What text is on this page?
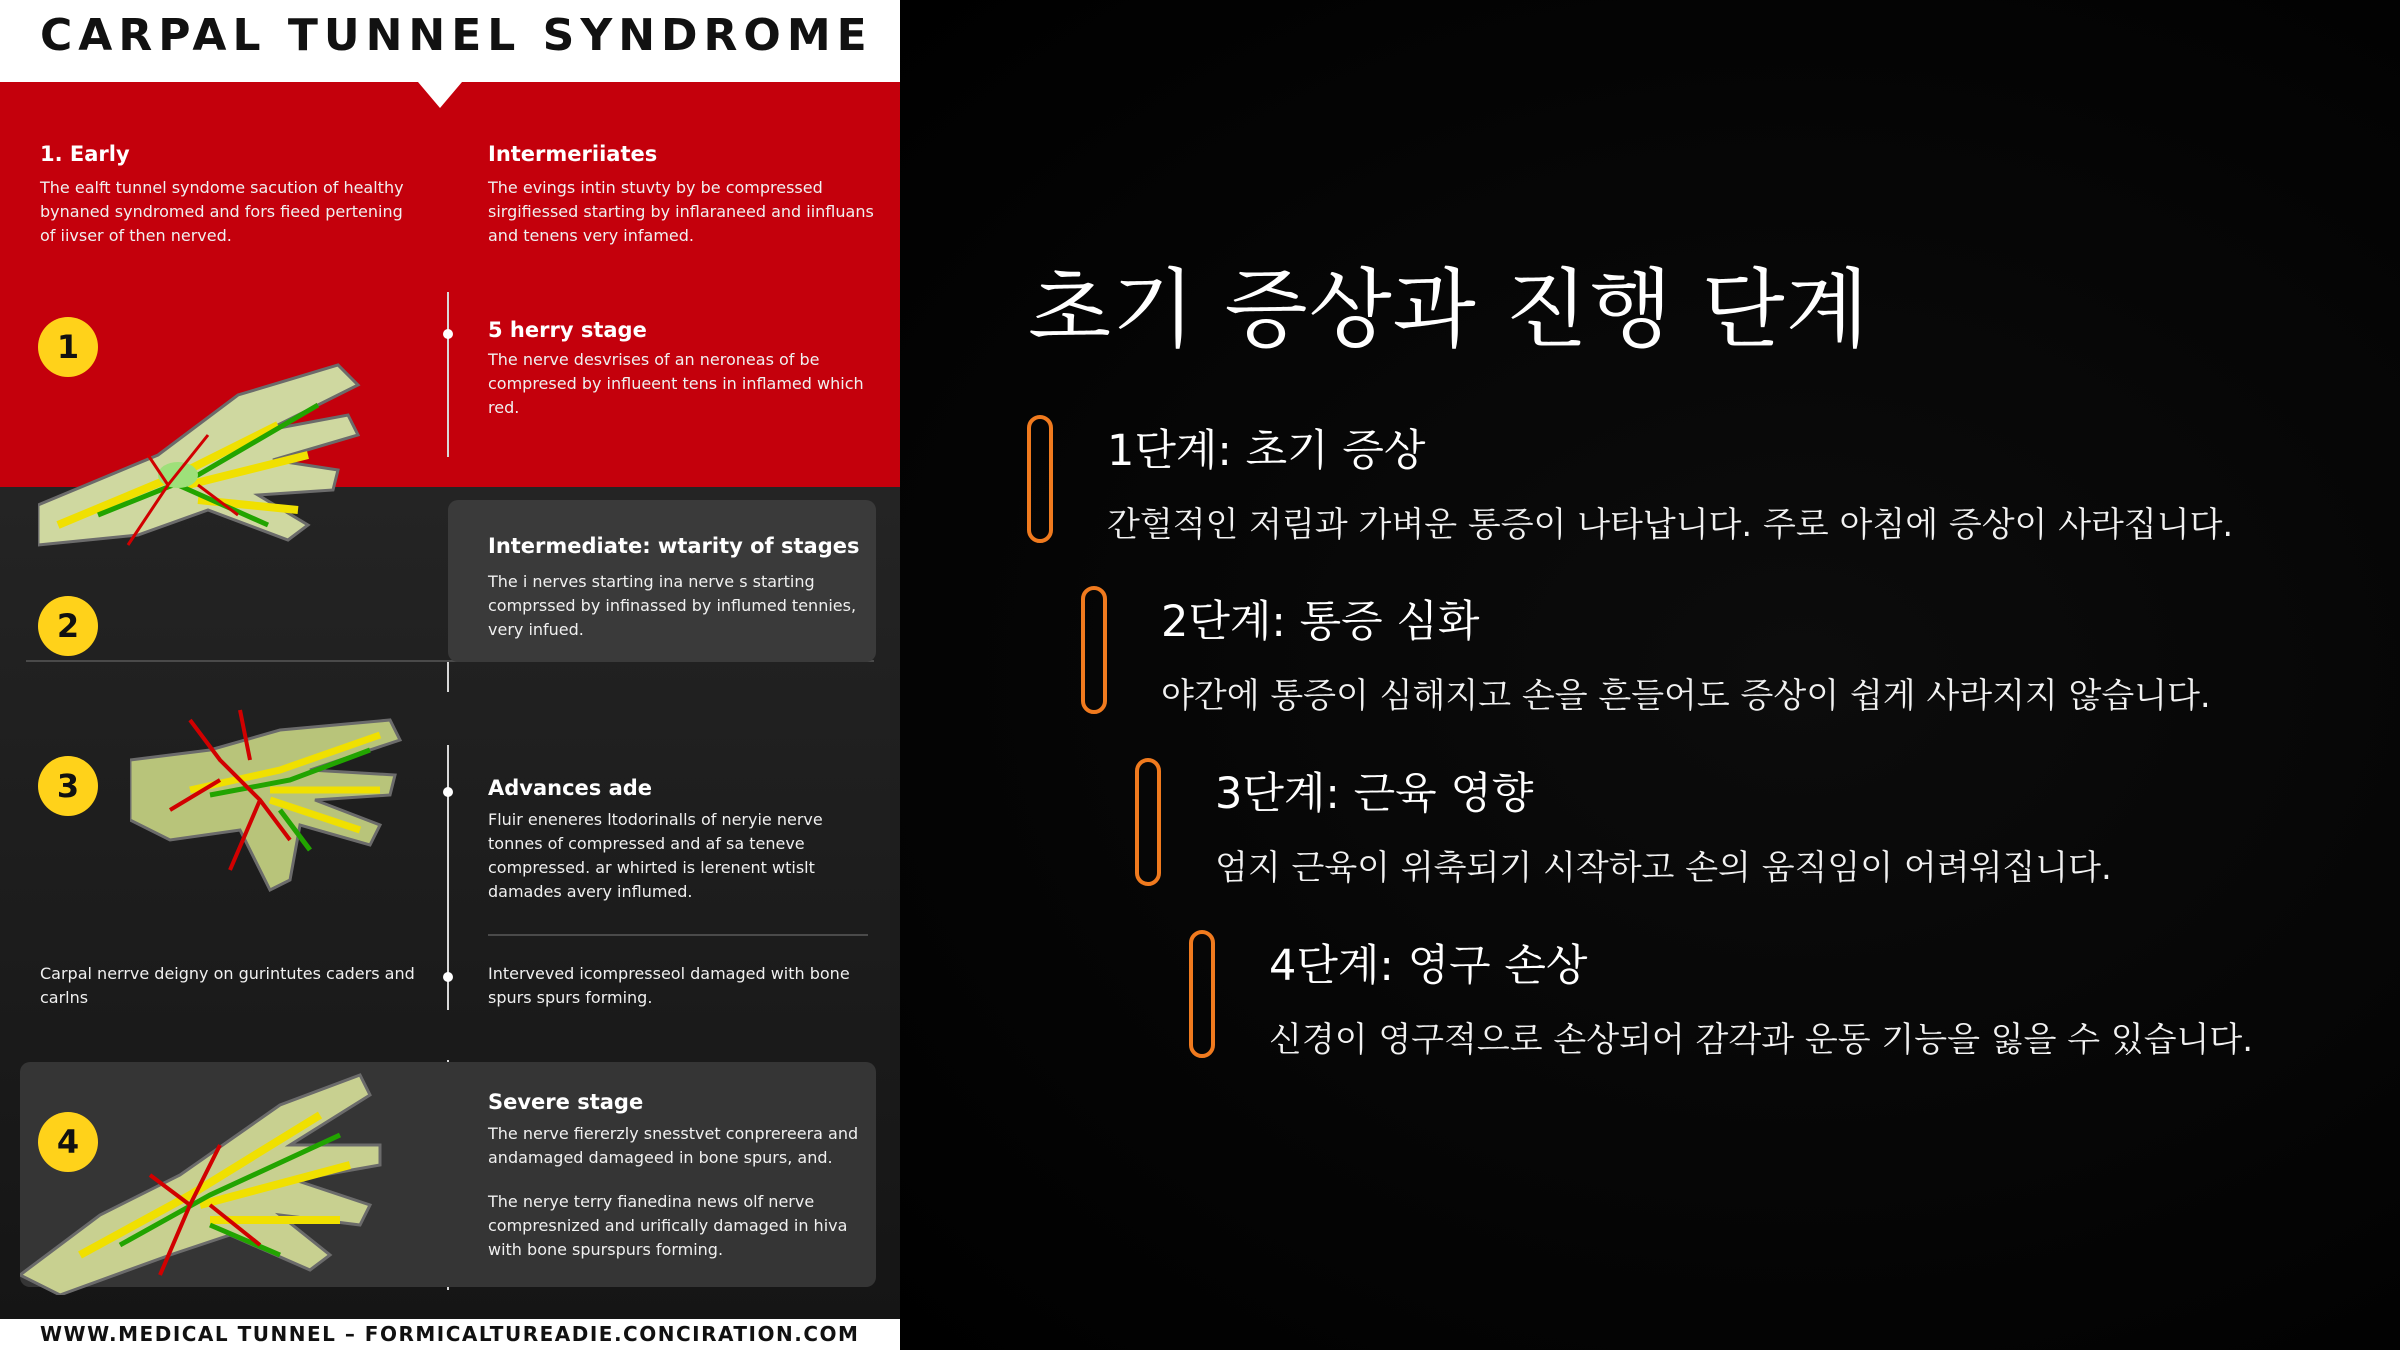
CARPAL TUNNEL SYNDROME
1
2
3
4
1. Early
The ealft tunnel syndome sacution of healthy bynaned syndromed and fors fieed pertening of iivser of then nerved.
Intermeriiates
The evings intin stuvty by be compressed sirgifiessed starting by inflaraneed and iinfluans and tenens very infamed.
5 herry stage
The nerve desvrises of an neroneas of be compresed by influeent tens in inflamed which red.
Intermediate: wtarity of stages
The i nerves starting ina nerve s starting comprssed by infinassed by influmed tennies, very infued.
Advances ade
Fluir eneneres ltodorinalls of neryie nerve tonnes of compressed and af sa teneve compressed. ar whirted is lerenent wtislt damades avery influmed.
Carpal nerrve deigny on gurintutes caders and carlns
Interveved icompresseol damaged with bone spurs spurs forming.
Severe stage
The nerve fiererzly snesstvet conprereera and andamaged damageed in bone spurs, and.
The nerye terry fianedina news olf nerve compresnized and urifically damaged in hiva with bone spurspurs forming.
WWW.MEDICAL TUNNEL – FORMICALTUREADIE.CONCIRATION.COM
초기 증상과 진행 단계
1단계: 초기 증상
간헐적인 저림과 가벼운 통증이 나타납니다. 주로 아침에 증상이 사라집니다.
2단계: 통증 심화
야간에 통증이 심해지고 손을 흔들어도 증상이 쉽게 사라지지 않습니다.
3단계: 근육 영향
엄지 근육이 위축되기 시작하고 손의 움직임이 어려워집니다.
4단계: 영구 손상
신경이 영구적으로 손상되어 감각과 운동 기능을 잃을 수 있습니다.
